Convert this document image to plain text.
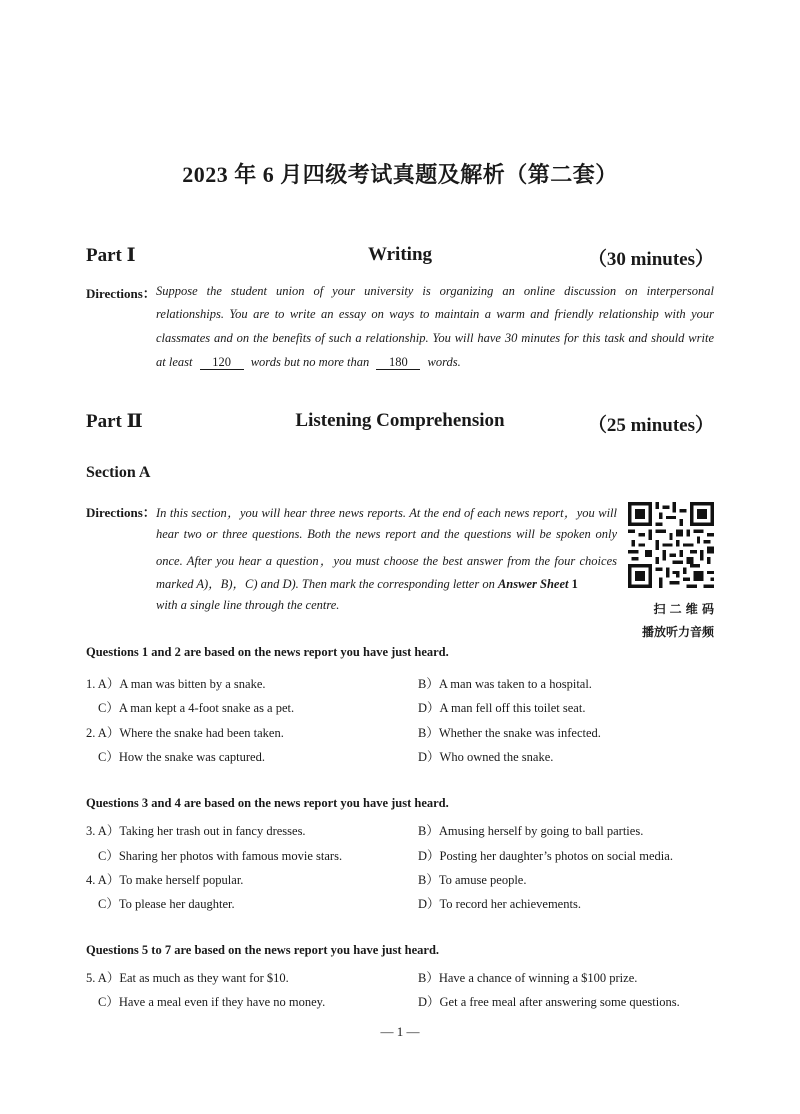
2023 年 6 月四级考试真题及解析（第二套）
Part Ⅰ	Writing	（30 minutes）
Directions： Suppose the student union of your university is organizing an online discussion on interpersonal
relationships. You are to write an essay on ways to maintain a warm and friendly relationship with your
classmates and on the benefits of such a relationship. You will have 30 minutes for this task and should write
at least 120 words but no more than 180 words.
Part Ⅱ	Listening Comprehension	（25 minutes）
Section A
Directions： In this section，you will hear three news reports. At the end of each news report，you will
hear two or three questions. Both the news report and the questions will be spoken only
once. After you hear a question，you must choose the best answer from the four choices
marked A)，B)，C) and D). Then mark the corresponding letter on Answer Sheet 1
with a single line through the centre.	扫 二 维 码
播放听力音频
Questions 1 and 2 are based on the news report you have just heard.
1. A）A man was bitten by a snake.	B）A man was taken to a hospital.
C）A man kept a 4-foot snake as a pet.	D）A man fell off this toilet seat.
2. A）Where the snake had been taken.	B）Whether the snake was infected.
C）How the snake was captured.	D）Who owned the snake.
Questions 3 and 4 are based on the news report you have just heard.
3. A）Taking her trash out in fancy dresses.	B）Amusing herself by going to ball parties.
C）Sharing her photos with famous movie stars.	D）Posting her daughter’s photos on social media.
4. A）To make herself popular.	B）To amuse people.
C）To please her daughter.	D）To record her achievements.
Questions 5 to 7 are based on the news report you have just heard.
5. A）Eat as much as they want for $10.	B）Have a chance of winning a $100 prize.
C）Have a meal even if they have no money.	D）Get a free meal after answering some questions.
— 1 —
